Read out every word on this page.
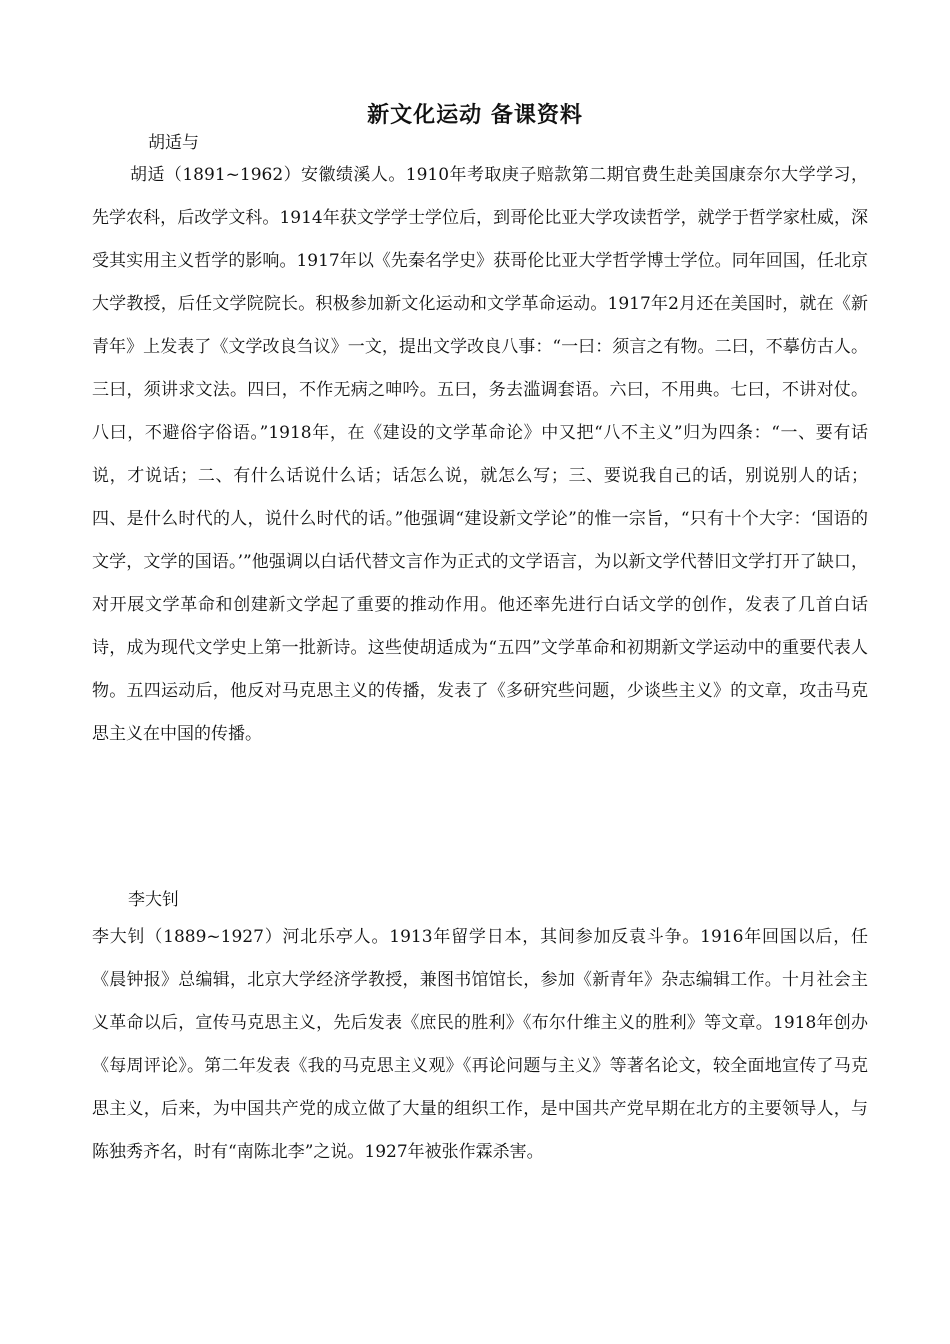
新文化运动 备课资料
胡适与

胡适（1891~1962）安徽绩溪人。1910年考取庚子赔款第二期官费生赴美国康奈尔大学学习，先学农科，后改学文科。1914年获文学学士学位后，到哥伦比亚大学攻读哲学，就学于哲学家杜威，深受其实用主义哲学的影响。1917年以《先秦名学史》获哥伦比亚大学哲学博士学位。同年回国，任北京大学教授，后任文学院院长。积极参加新文化运动和文学革命运动。1917年2月还在美国时，就在《新青年》上发表了《文学改良刍议》一文，提出文学改良八事：“一曰：须言之有物。二曰，不摹仿古人。三曰，须讲求文法。四曰，不作无病之呻吟。五曰，务去滥调套语。六曰，不用典。七曰，不讲对仗。八曰，不避俗字俗语。”1918年，在《建设的文学革命论》中又把“八不主义”归为四条：“一、要有话说，才说话；二、有什么话说什么话；话怎么说，就怎么写；三、要说我自己的话，别说别人的话；四、是什么时代的人，说什么时代的话。”他强调“建设新文学论”的惟一宗旨，“只有十个大字：‘国语的文学，文学的国语。’”他强调以白话代替文言作为正式的文学语言，为以新文学代替旧文学打开了缺口，对开展文学革命和创建新文学起了重要的推动作用。他还率先进行白话文学的创作，发表了几首白话诗，成为现代文学史上第一批新诗。这些使胡适成为“五四”文学革命和初期新文学运动中的重要代表人物。五四运动后，他反对马克思主义的传播，发表了《多研究些问题，少谈些主义》的文章，攻击马克思主义在中国的传播。

李大钊

李大钊（1889~1927）河北乐亭人。1913年留学日本，其间参加反袁斗争。1916年回国以后，任《晨钟报》总编辑，北京大学经济学教授，兼图书馆馆长，参加《新青年》杂志编辑工作。十月社会主义革命以后，宣传马克思主义，先后发表《庶民的胜利》《布尔什维主义的胜利》等文章。1918年创办《每周评论》。第二年发表《我的马克思主义观》《再论问题与主义》等著名论文，较全面地宣传了马克思主义，后来，为中国共产党的成立做了大量的组织工作，是中国共产党早期在北方的主要领导人，与陈独秀齐名，时有“南陈北李”之说。1927年被张作霖杀害。
